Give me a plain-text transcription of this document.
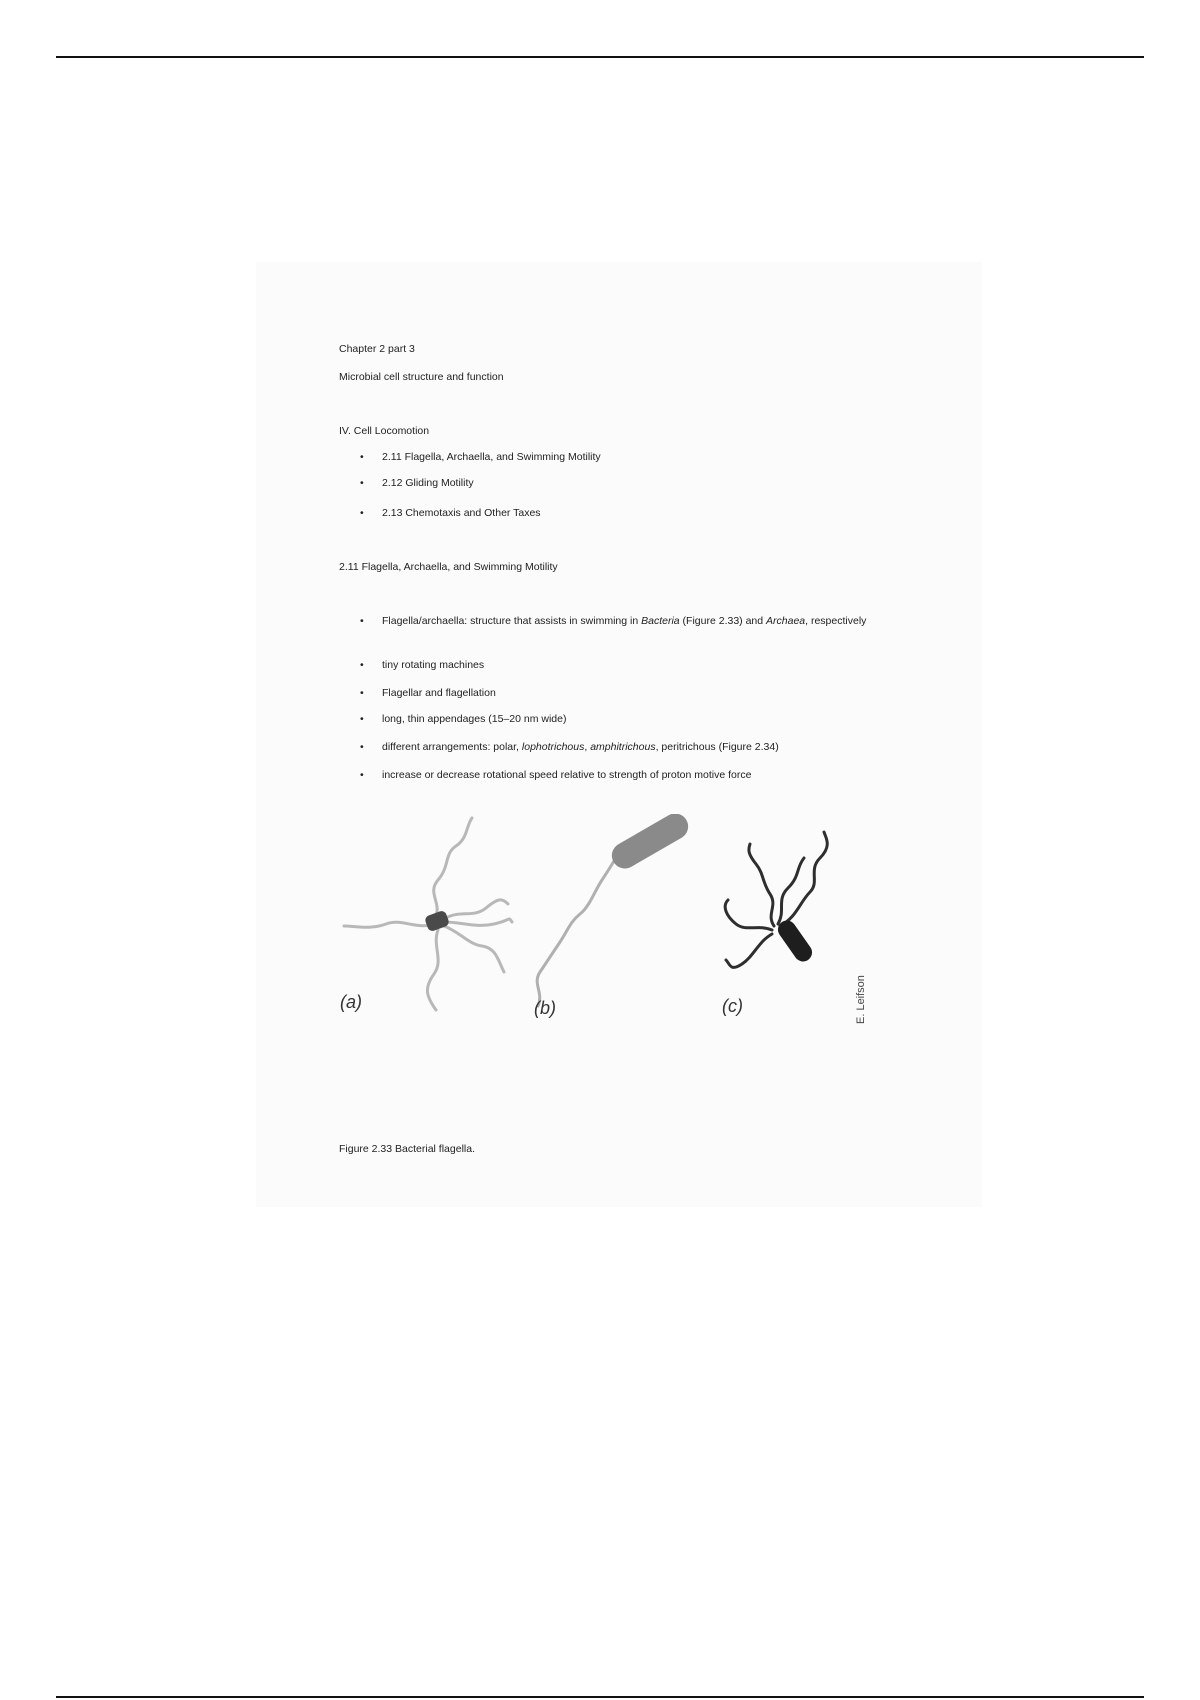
Chapter 2 part 3
Microbial cell structure and function
IV. Cell Locomotion
• 2.11 Flagella, Archaella, and Swimming Motility
• 2.12 Gliding Motility
• 2.13 Chemotaxis and Other Taxes
2.11 Flagella, Archaella, and Swimming Motility
• Flagella/archaella: structure that assists in swimming in Bacteria (Figure 2.33) and Archaea, respectively
• tiny rotating machines
• Flagellar and flagellation
• long, thin appendages (15–20 nm wide)
• different arrangements: polar, lophotrichous, amphitrichous, peritrichous (Figure 2.34)
• increase or decrease rotational speed relative to strength of proton motive force
Figure 2.33 Bacterial flagella.
(a)	(b)	(c)	E. Leifson
